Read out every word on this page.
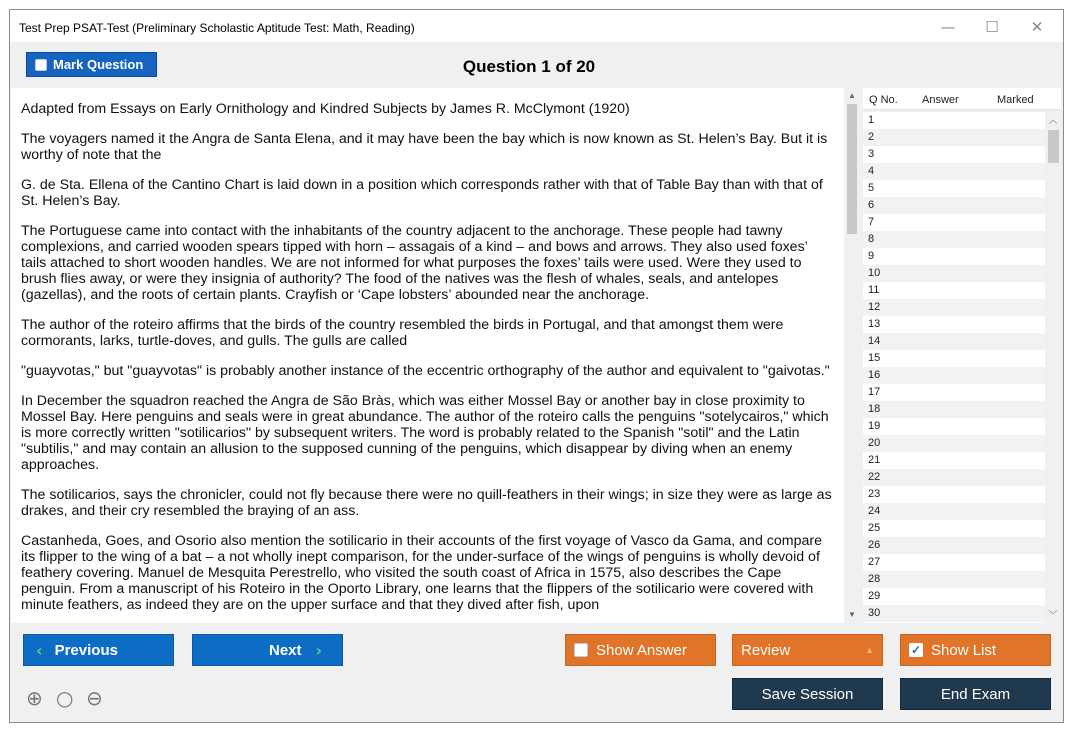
Test Prep PSAT-Test (Preliminary Scholastic Aptitude Test: Math, Reading)	—	☐	✕
Mark Question	Question 1 of 20

Adapted from Essays on Early Ornithology and Kindred Subjects by James R. McClymont (1920)

The voyagers named it the Angra de Santa Elena, and it may have been the bay which is now known as St. Helen’s Bay. But it is worthy of note that the

G. de Sta. Ellena of the Cantino Chart is laid down in a position which corresponds rather with that of Table Bay than with that of St. Helen’s Bay.

The Portuguese came into contact with the inhabitants of the country adjacent to the anchorage. These people had tawny complexions, and carried wooden spears tipped with horn – assagais of a kind – and bows and arrows. They also used foxes’ tails attached to short wooden handles. We are not informed for what purposes the foxes’ tails were used. Were they used to brush flies away, or were they insignia of authority? The food of the natives was the flesh of whales, seals, and antelopes (gazellas), and the roots of certain plants. Crayfish or ‘Cape lobsters’ abounded near the anchorage.

The author of the roteiro affirms that the birds of the country resembled the birds in Portugal, and that amongst them were cormorants, larks, turtle-doves, and gulls. The gulls are called

"guayvotas," but "guayvotas" is probably another instance of the eccentric orthography of the author and equivalent to "gaivotas."

In December the squadron reached the Angra de São Bràs, which was either Mossel Bay or another bay in close proximity to Mossel Bay. Here penguins and seals were in great abundance. The author of the roteiro calls the penguins "sotelycairos," which is more correctly written "sotilicarios" by subsequent writers. The word is probably related to the Spanish "sotil" and the Latin "subtilis," and may contain an allusion to the supposed cunning of the penguins, which disappear by diving when an enemy approaches.

The sotilicarios, says the chronicler, could not fly because there were no quill-feathers in their wings; in size they were as large as drakes, and their cry resembled the braying of an ass.

Castanheda, Goes, and Osorio also mention the sotilicario in their accounts of the first voyage of Vasco da Gama, and compare its flipper to the wing of a bat – a not wholly inept comparison, for the under-surface of the wings of penguins is wholly devoid of feathery covering. Manuel de Mesquita Perestrello, who visited the south coast of Africa in 1575, also describes the Cape penguin. From a manuscript of his Roteiro in the Oporto Library, one learns that the flippers of the sotilicario were covered with minute feathers, as indeed they are on the upper surface and that they dived after fish, upon

▲
▼
Q No. Answer	Marked
1
2
3
4
5
6
7
8
9
10
11
12
13
14
15
16
17
18
19
20
21
22
23
24
25
26
27
28
29
30
︿
﹀
‹ Previous	Next ›	Show Answer	Review	▲	✓ Show List
⊕ ○ ⊖	Save Session	End Exam
